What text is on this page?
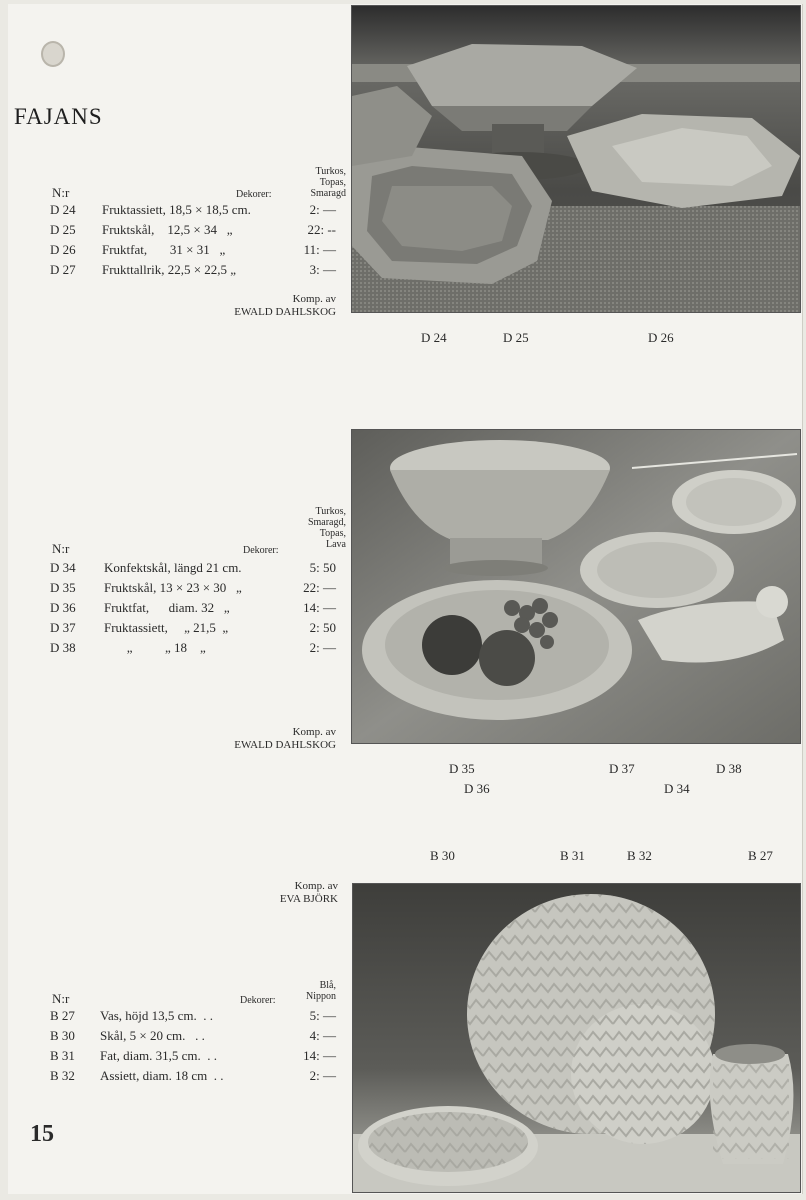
FAJANS
Turkos,
Topas,
Smaragd
N:r	Dekorer:
D 24 Fruktassiett, 18,5 × 18,5 cm.	2: —
D 25 Fruktskål,    12,5 × 34   „	22: --
D 26 Fruktfat,       31 × 31   „	11: —
D 27 Frukttallrik, 22,5 × 22,5 „	3: —
Komp. av
EWALD DAHLSKOG
D 24	D 25	D 26
Turkos,
Smaragd,
Topas,
Lava
N:r	Dekorer:
D 34 Konfektskål, längd 21 cm.	5: 50
D 35 Fruktskål, 13 × 23 × 30   „	22: —
D 36 Fruktfat,      diam. 32   „	14: —
D 37 Fruktassiett,     „ 21,5  „	2: 50
D 38 „          „ 18    „	2: —
Komp. av
EWALD DAHLSKOG
D 35	D 37	D 38
D 36	D 34
B 30	B 31	B 32	B 27
Komp. av
EVA BJÖRK
Blå,
Nippon
N:r	Dekorer:
B 27 Vas, höjd 13,5 cm.  . .	5: —
B 30 Skål, 5 × 20 cm.   . .	4: —
B 31 Fat, diam. 31,5 cm.  . .	14: —
B 32 Assiett, diam. 18 cm  . .	2: —
15
